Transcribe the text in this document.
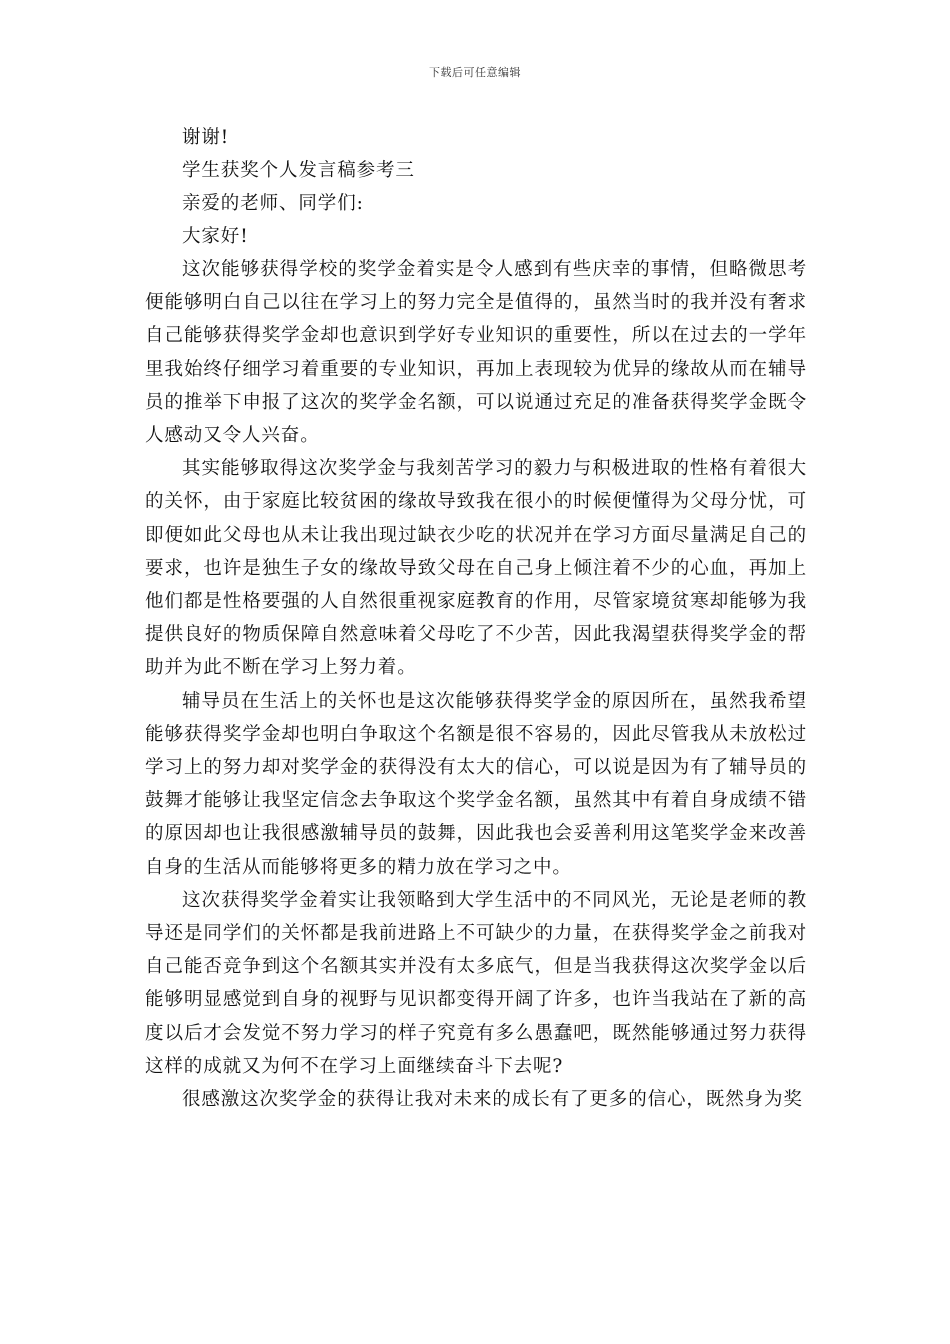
下载后可任意编辑
谢谢!
学生获奖个人发言稿参考三
亲爱的老师、同学们:
大家好!

这次能够获得学校的奖学金着实是令人感到有些庆幸的事情，但略微思考便能够明白自己以往在学习上的努力完全是值得的，虽然当时的我并没有奢求自己能够获得奖学金却也意识到学好专业知识的重要性，所以在过去的一学年里我始终仔细学习着重要的专业知识，再加上表现较为优异的缘故从而在辅导员的推举下申报了这次的奖学金名额，可以说通过充足的准备获得奖学金既令人感动又令人兴奋。

其实能够取得这次奖学金与我刻苦学习的毅力与积极进取的性格有着很大的关怀，由于家庭比较贫困的缘故导致我在很小的时候便懂得为父母分忧，可即便如此父母也从未让我出现过缺衣少吃的状况并在学习方面尽量满足自己的要求，也许是独生子女的缘故导致父母在自己身上倾注着不少的心血，再加上他们都是性格要强的人自然很重视家庭教育的作用，尽管家境贫寒却能够为我提供良好的物质保障自然意味着父母吃了不少苦，因此我渴望获得奖学金的帮助并为此不断在学习上努力着。

辅导员在生活上的关怀也是这次能够获得奖学金的原因所在，虽然我希望能够获得奖学金却也明白争取这个名额是很不容易的，因此尽管我从未放松过学习上的努力却对奖学金的获得没有太大的信心，可以说是因为有了辅导员的鼓舞才能够让我坚定信念去争取这个奖学金名额，虽然其中有着自身成绩不错的原因却也让我很感激辅导员的鼓舞，因此我也会妥善利用这笔奖学金来改善自身的生活从而能够将更多的精力放在学习之中。

这次获得奖学金着实让我领略到大学生活中的不同风光，无论是老师的教导还是同学们的关怀都是我前进路上不可缺少的力量，在获得奖学金之前我对自己能否竞争到这个名额其实并没有太多底气，但是当我获得这次奖学金以后能够明显感觉到自身的视野与见识都变得开阔了许多，也许当我站在了新的高度以后才会发觉不努力学习的样子究竟有多么愚蠢吧，既然能够通过努力获得这样的成就又为何不在学习上面继续奋斗下去呢?

很感激这次奖学金的获得让我对未来的成长有了更多的信心，既然身为奖
